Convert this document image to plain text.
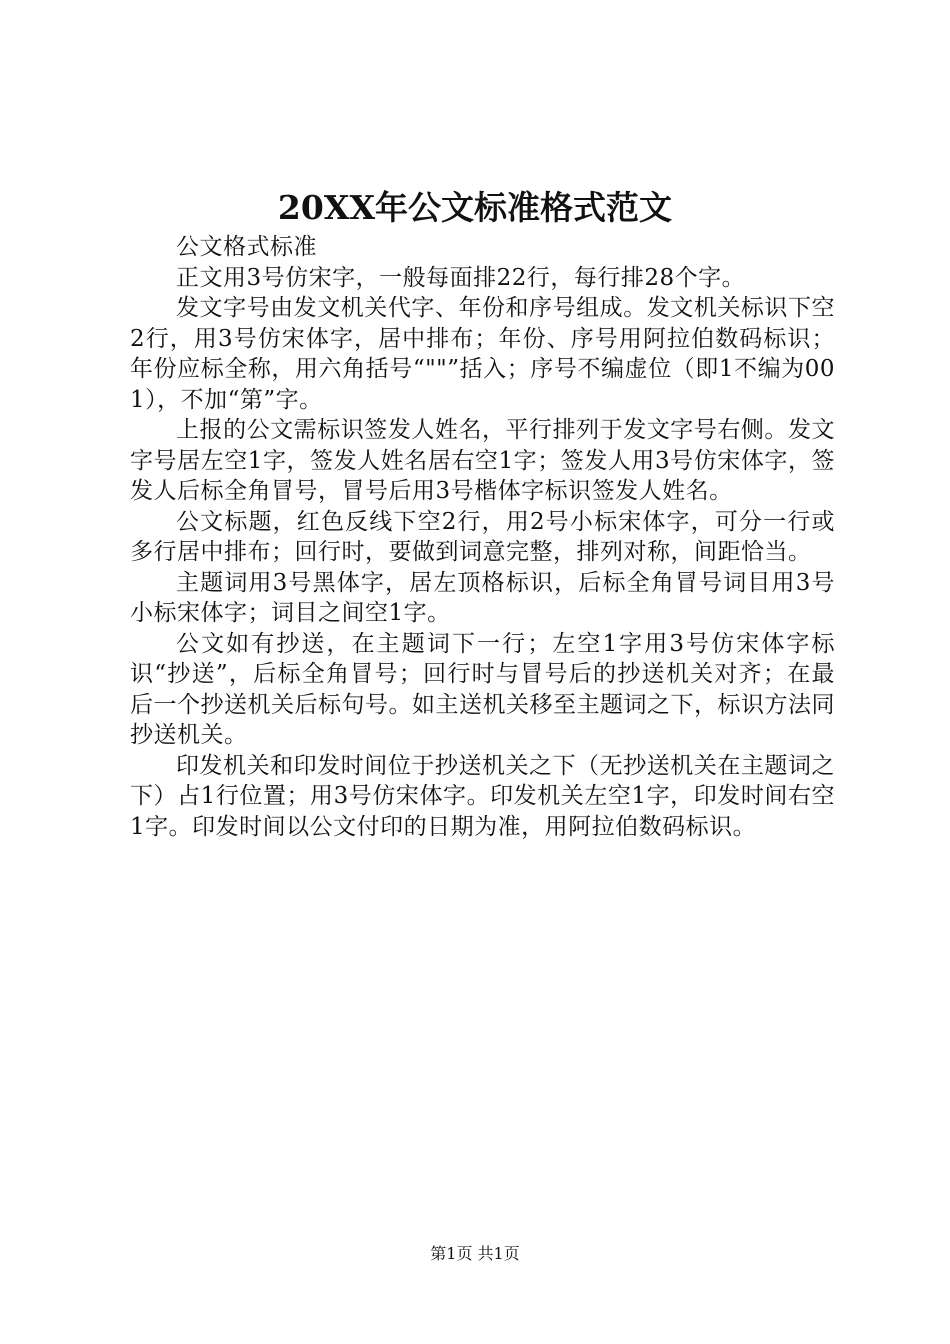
20XX年公文标准格式范文

公文格式标准

正文用3号仿宋字，一般每面排22行，每行排28个字。

发文字号由发文机关代字、年份和序号组成。发文机关标识下空2行，用3号仿宋体字，居中排布；年份、序号用阿拉伯数码标识；年份应标全称，用六角括号“""”括入；序号不编虚位（即1不编为001），不加“第”字。

上报的公文需标识签发人姓名，平行排列于发文字号右侧。发文字号居左空1字，签发人姓名居右空1字；签发人用3号仿宋体字，签发人后标全角冒号，冒号后用3号楷体字标识签发人姓名。

公文标题，红色反线下空2行，用2号小标宋体字，可分一行或多行居中排布；回行时，要做到词意完整，排列对称，间距恰当。

主题词用3号黑体字，居左顶格标识，后标全角冒号词目用3号小标宋体字；词目之间空1字。

公文如有抄送，在主题词下一行；左空1字用3号仿宋体字标识“抄送”，后标全角冒号；回行时与冒号后的抄送机关对齐；在最后一个抄送机关后标句号。如主送机关移至主题词之下，标识方法同抄送机关。

印发机关和印发时间位于抄送机关之下（无抄送机关在主题词之下）占1行位置；用3号仿宋体字。印发机关左空1字，印发时间右空1字。印发时间以公文付印的日期为准，用阿拉伯数码标识。

第1页 共1页
